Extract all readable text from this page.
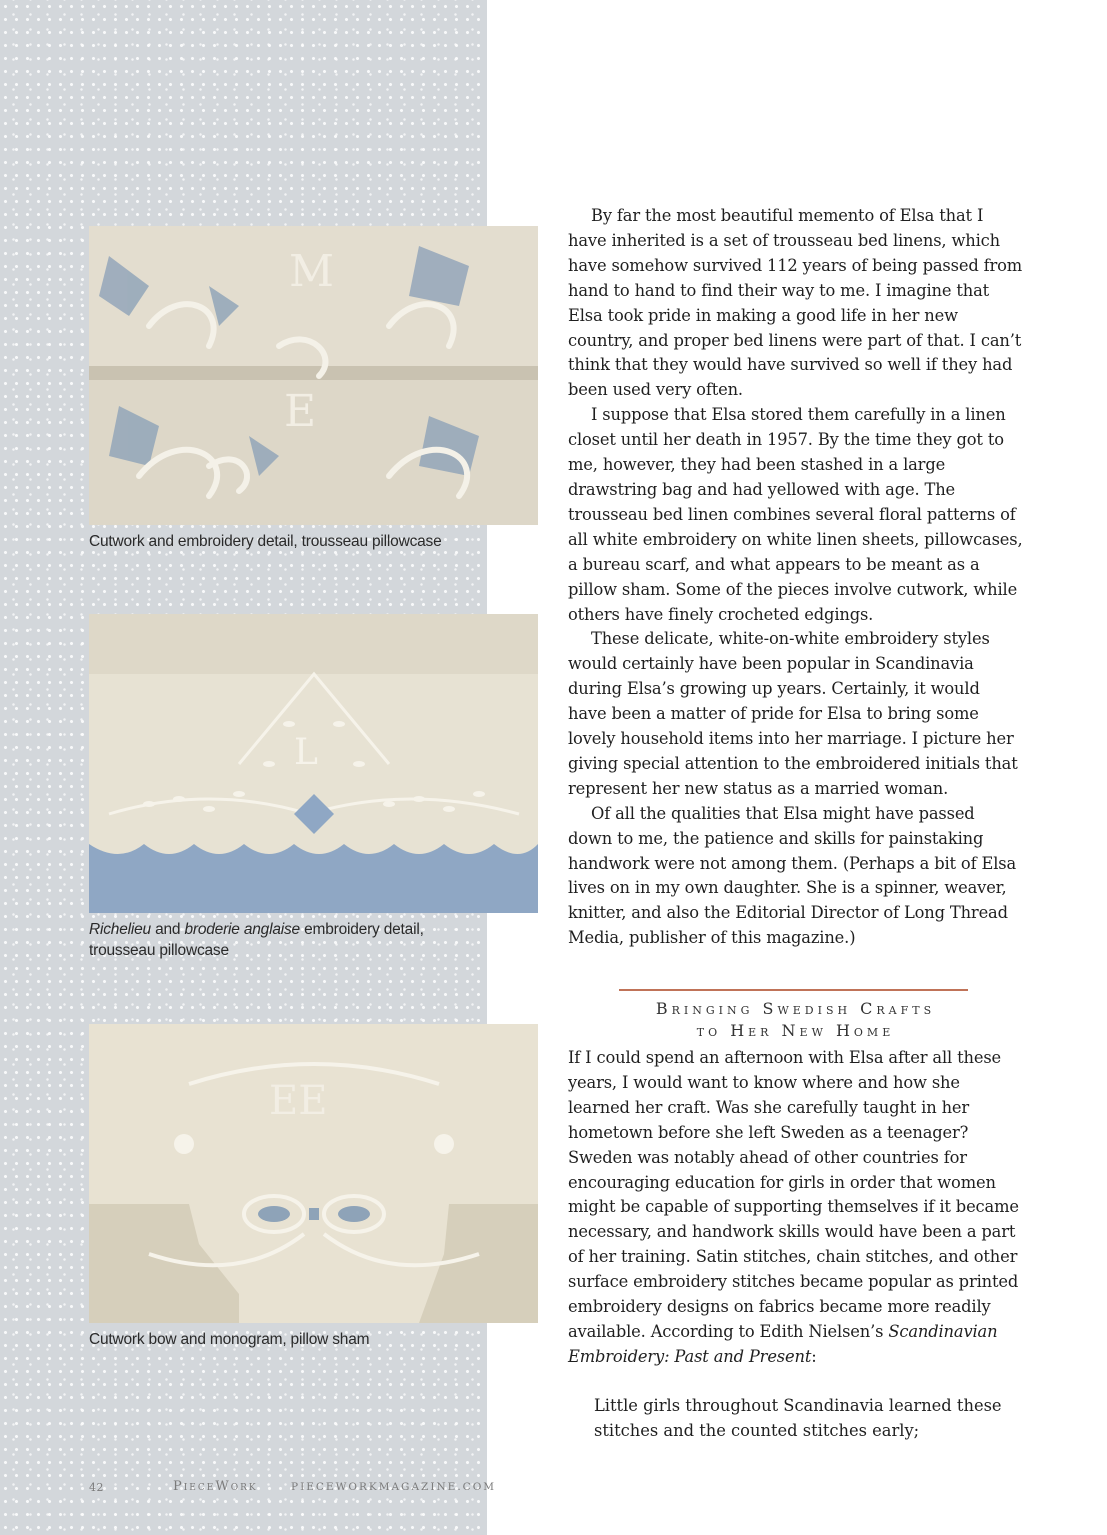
M
E
Cutwork and embroidery detail, trousseau pillowcase
L
Richelieu and broderie anglaise embroidery detail, trousseau pillowcase
EE
Cutwork bow and monogram, pillow sham

By far the most beautiful memento of Elsa that I have inherited is a set of trousseau bed linens, which have somehow survived 112 years of being passed from hand to hand to find their way to me. I imagine that Elsa took pride in making a good life in her new country, and proper bed linens were part of that. I can’t think that they would have survived so well if they had been used very often.

I suppose that Elsa stored them carefully in a linen closet until her death in 1957. By the time they got to me, however, they had been stashed in a large drawstring bag and had yellowed with age. The trousseau bed linen combines several floral patterns of all white embroidery on white linen sheets, pillowcases, a bureau scarf, and what appears to be meant as a pillow sham. Some of the pieces involve cutwork, while others have finely crocheted edgings.

These delicate, white-on-white embroidery styles would certainly have been popular in Scandinavia during Elsa’s growing up years. Certainly, it would have been a matter of pride for Elsa to bring some lovely household items into her marriage. I picture her giving special attention to the embroidered initials that represent her new status as a married woman.

Of all the qualities that Elsa might have passed down to me, the patience and skills for painstaking handwork were not among them. (Perhaps a bit of Elsa lives on in my own daughter. She is a spinner, weaver, knitter, and also the Editorial Director of Long Thread Media, publisher of this magazine.)

Bringing Swedish Crafts
to Her New Home

If I could spend an afternoon with Elsa after all these years, I would want to know where and how she learned her craft. Was she carefully taught in her hometown before she left Sweden as a teenager? Sweden was notably ahead of other countries for encouraging education for girls in order that women might be capable of supporting themselves if it became necessary, and handwork skills would have been a part of her training. Satin stitches, chain stitches, and other surface embroidery stitches became popular as printed embroidery designs on fabrics became more readily available. According to Edith Nielsen’s Scandinavian Embroidery: Past and Present:

Little girls throughout Scandinavia learned these stitches and the counted stitches early;

42	PieceWork	PIECEWORKMAGAZINE.COM
